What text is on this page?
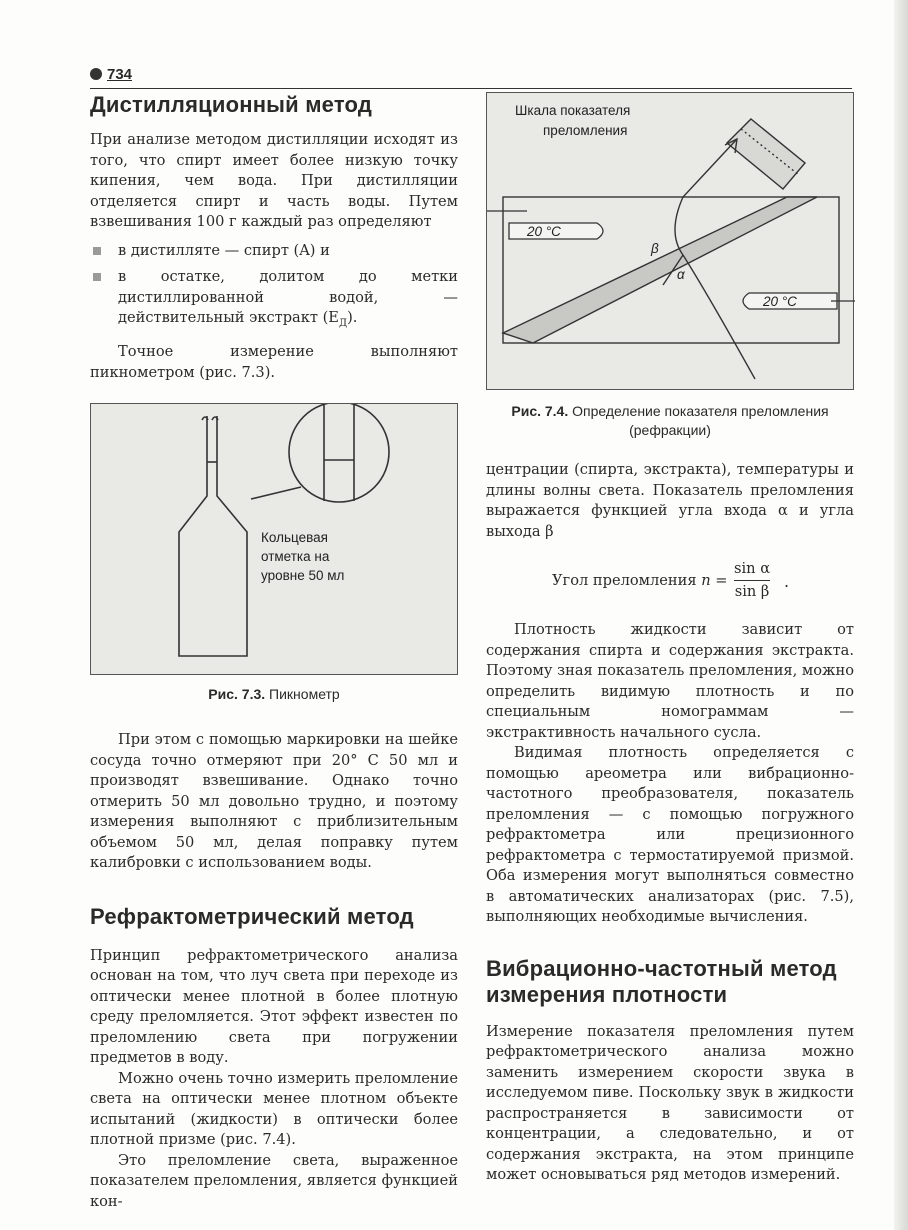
734
Дистилляционный метод

При анализе методом дистилляции исходят из того, что спирт имеет более низкую точку кипения, чем вода. При дистилляции отделяется спирт и часть воды. Путем взвешивания 100 г каждый раз определяют

в дистилляте — спирт (A) и
в остатке, долитом до метки дистиллированной водой, — действительный экстракт $(E_Д)$.

Точное измерение выполняют пикнометром (рис. 7.3).

Кольцевая
отметка на
уровне 50 мл
Рис. 7.3. Пикнометр

При этом с помощью маркировки на шейке сосуда точно отмеряют при 20° C 50 мл и производят взвешивание. Однако точно отмерить 50 мл довольно трудно, и поэтому измерения выполняют с приблизительным объемом 50 мл, делая поправку путем калибровки с использованием воды.

Рефрактометрический метод

Принцип рефрактометрического анализа основан на том, что луч света при переходе из оптически менее плотной в более плотную среду преломляется. Этот эффект известен по преломлению света при погружении предметов в воду.

Можно очень точно измерить преломление света на оптически менее плотном объекте испытаний (жидкости) в оптически более плотной призме (рис. 7.4).

Это преломление света, выраженное показателем преломления, является функцией кон-

Шкала показателя
преломления
20 °C
20 °C
β
α
Рис. 7.4. Определение показателя преломления
(рефракции)

центрации (спирта, экстракта), температуры и длины волны света. Показатель преломления выражается функцией угла входа α и угла выхода β

Угол преломления $n = \frac{\text{sin α}}{\text{sin β}}$ .

Плотность жидкости зависит от содержания спирта и содержания экстракта. Поэтому зная показатель преломления, можно определить видимую плотность и по специальным номограммам — экстрактивность начального сусла.

Видимая плотность определяется с помощью ареометра или вибрационно-частотного преобразователя, показатель преломления — с помощью погружного рефрактометра или прецизионного рефрактометра с термостатируемой призмой. Оба измерения могут выполняться совместно в автоматических анализаторах (рис. 7.5), выполняющих необходимые вычисления.

Вибрационно-частотный метод измерения плотности

Измерение показателя преломления путем рефрактометрического анализа можно заменить измерением скорости звука в исследуемом пиве. Поскольку звук в жидкости распространяется в зависимости от концентрации, а следовательно, и от содержания экстракта, на этом принципе может основываться ряд методов измерений.
